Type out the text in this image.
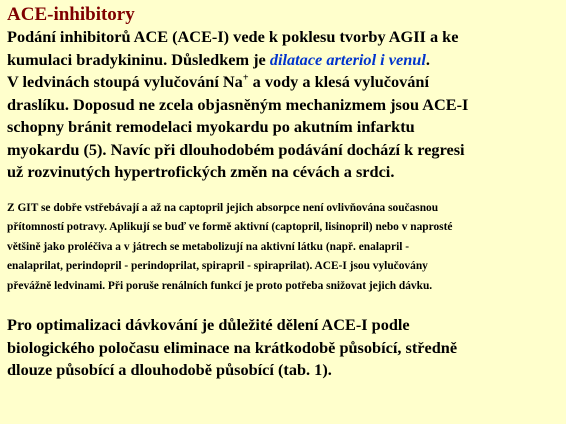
ACE-inhibitory

Podání inhibitorů ACE (ACE-I) vede k poklesu tvorby AGII a ke
kumulaci bradykininu. Důsledkem je dilatace arteriol i venul.
V ledvinách stoupá vylučování Na+ a vody a klesá vylučování
draslíku. Doposud ne zcela objasněným mechanizmem jsou ACE-I
schopny bránit remodelaci myokardu po akutním infarktu
myokardu (5). Navíc při dlouhodobém podávání dochází k regresi
už rozvinutých hypertrofických změn na cévách a srdci.

Z GIT se dobře vstřebávají a až na captopril jejich absorpce není ovlivňována současnou
přítomností potravy. Aplikují se buď ve formě aktivní (captopril, lisinopril) nebo v naprosté
většině jako proléčiva a v játrech se metabolizují na aktivní látku (např. enalapril -
enalaprilat, perindopril - perindoprilat, spirapril - spiraprilat). ACE-I jsou vylučovány
převážně ledvinami. Při poruše renálních funkcí je proto potřeba snižovat jejich dávku.

Pro optimalizaci dávkování je důležité dělení ACE-I podle
biologického poločasu eliminace na krátkodobě působící, středně
dlouze působící a dlouhodobě působící (tab. 1).
